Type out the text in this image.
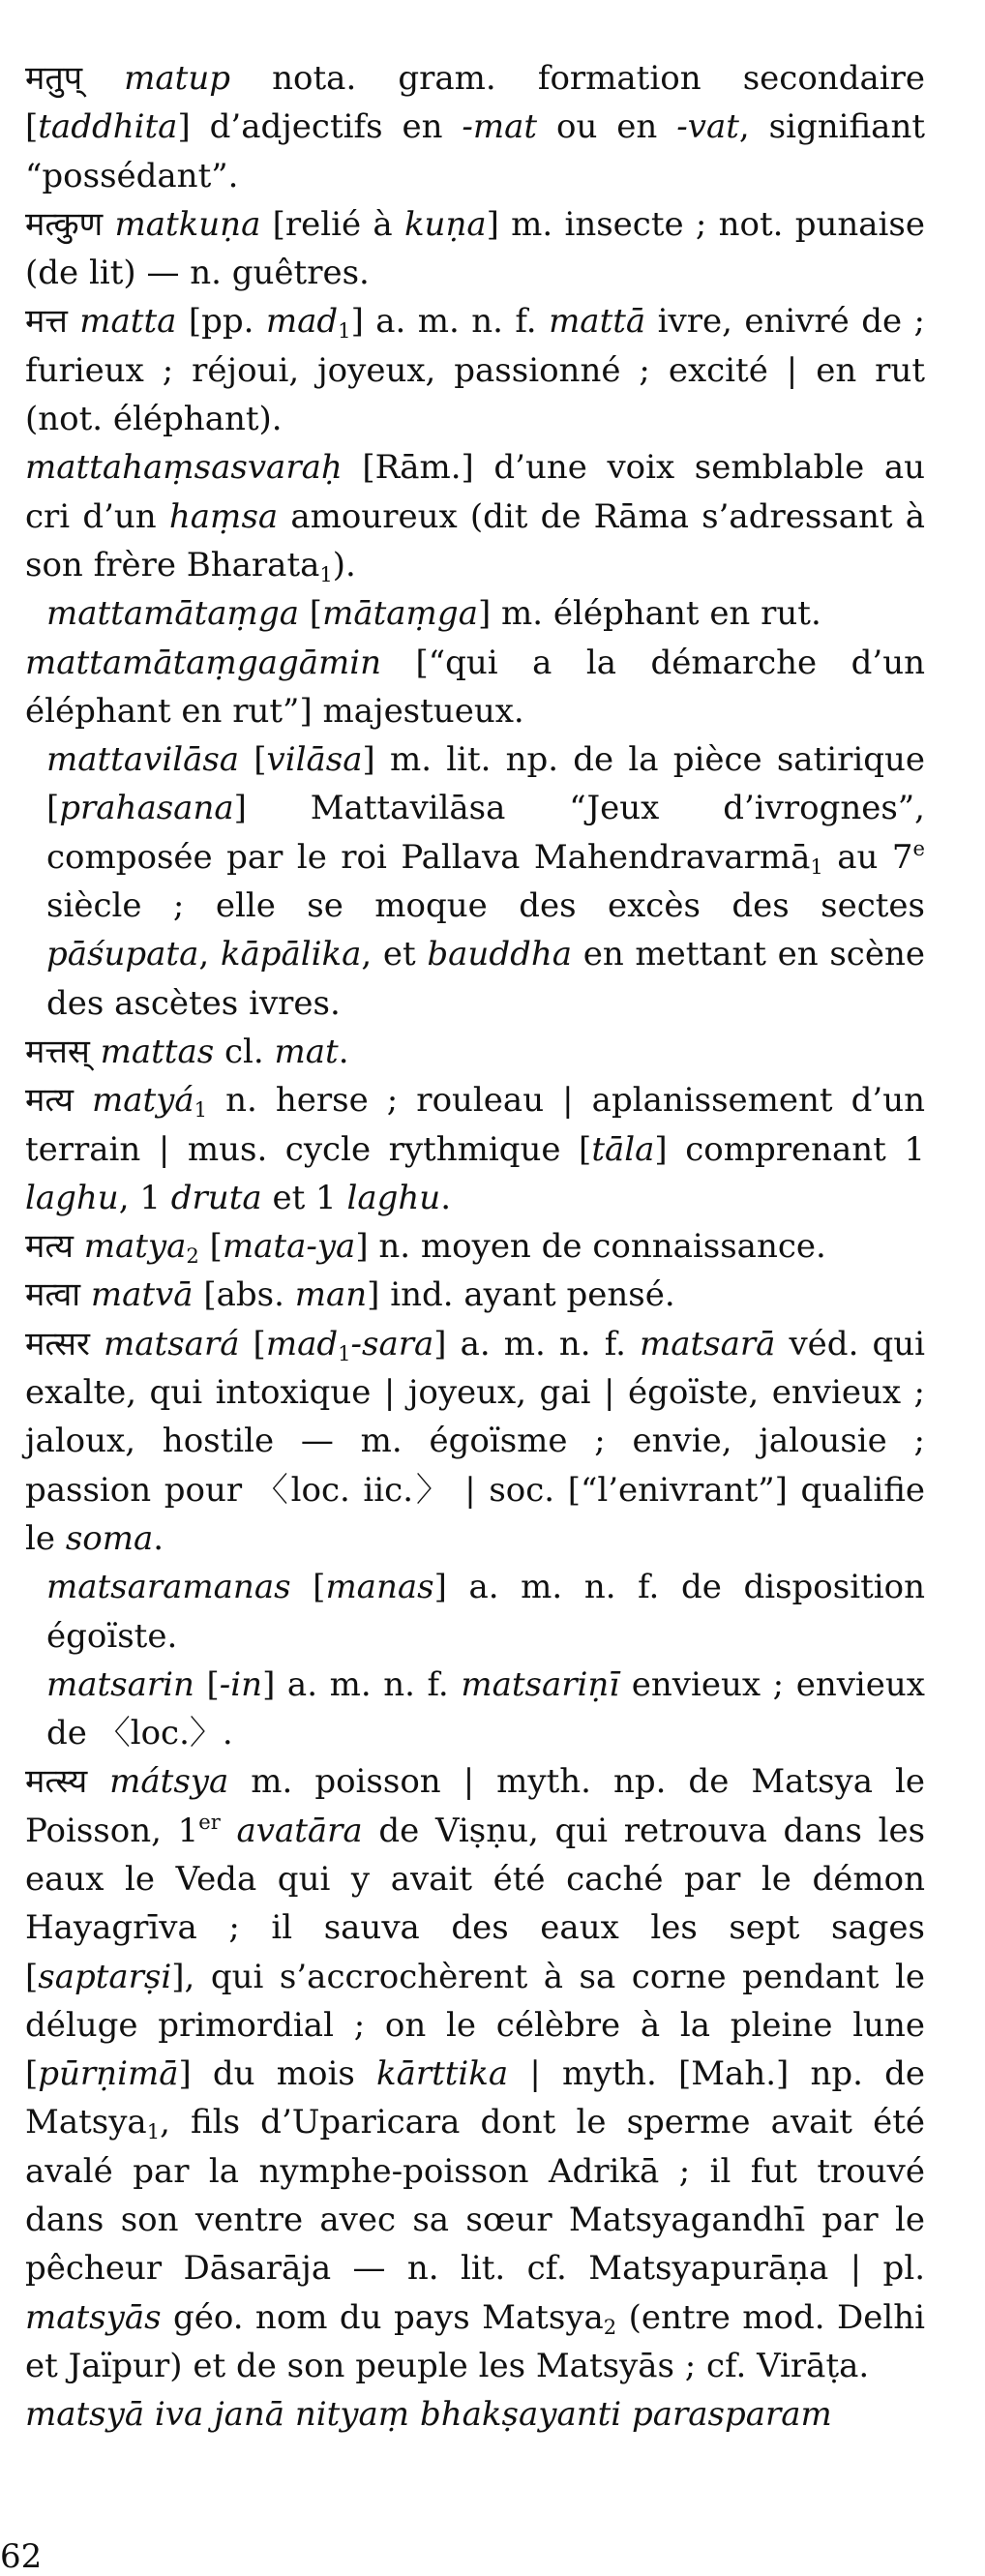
मतुप् matup nota. gram. formation secondaire [taddhita] d’adjectifs en -mat ou en -vat, signifiant “possédant”.

मत्कुण matkuṇa [relié à kuṇa] m. insecte ; not. punaise (de lit) — n. guêtres.

मत्त matta [pp. mad$_1$] a. m. n. f. mattā ivre, enivré de ; furieux ; réjoui, joyeux, passionné ; excité | en rut (not. éléphant).

mattahaṃsasvaraḥ [Rām.] d’une voix semblable au cri d’un haṃsa amoureux (dit de Rāma s’adressant à son frère Bharata$_1$).

mattamātaṃga [mātaṃga] m. éléphant en rut.

mattamātaṃgagāmin [“qui a la démarche d’un éléphant en rut”] majestueux.

mattavilāsa [vilāsa] m. lit. np. de la pièce satirique [prahasana] Mattavilāsa “Jeux d’ivrognes”, composée par le roi Pallava Mahendravarmā$_1$ au 7e siècle ; elle se moque des excès des sectes pāśupata, kāpālika, et bauddha en mettant en scène des ascètes ivres.

मत्तस् mattas cl. mat.

मत्य matyá$_1$ n. herse ; rouleau | aplanissement d’un terrain | mus. cycle rythmique [tāla] comprenant 1 laghu, 1 druta et 1 laghu.

मत्य matya$_2$ [mata-ya] n. moyen de connaissance.

मत्वा matvā [abs. man] ind. ayant pensé.

मत्सर matsará [mad$_1$-sara] a. m. n. f. matsarā véd. qui exalte, qui intoxique | joyeux, gai | égoïste, envieux ; jaloux, hostile — m. égoïsme ; envie, jalousie ; passion pour 〈loc. iic.〉 | soc. [“l’enivrant”] qualifie le soma.

matsaramanas [manas] a. m. n. f. de disposition égoïste.

matsarin [-in] a. m. n. f. matsariṇī envieux ; envieux de 〈loc.〉.

मत्स्य mátsya m. poisson | myth. np. de Matsya le Poisson, 1er avatāra de Viṣṇu, qui retrouva dans les eaux le Veda qui y avait été caché par le démon Hayagrīva ; il sauva des eaux les sept sages [saptarṣi], qui s’accrochèrent à sa corne pendant le déluge primordial ; on le célèbre à la pleine lune [pūrṇimā] du mois kārttika | myth. [Mah.] np. de Matsya$_1$, fils d’Uparicara dont le sperme avait été avalé par la nymphe-poisson Adrikā ; il fut trouvé dans son ventre avec sa sœur Matsyagandhī par le pêcheur Dāsarāja — n. lit. cf. Matsyapurāṇa | pl. matsyās géo. nom du pays Matsya$_2$ (entre mod. Delhi et Jaïpur) et de son peuple les Matsyās ; cf. Virāṭa.

matsyā iva janā nityaṃ bhakṣayanti parasparam

62
